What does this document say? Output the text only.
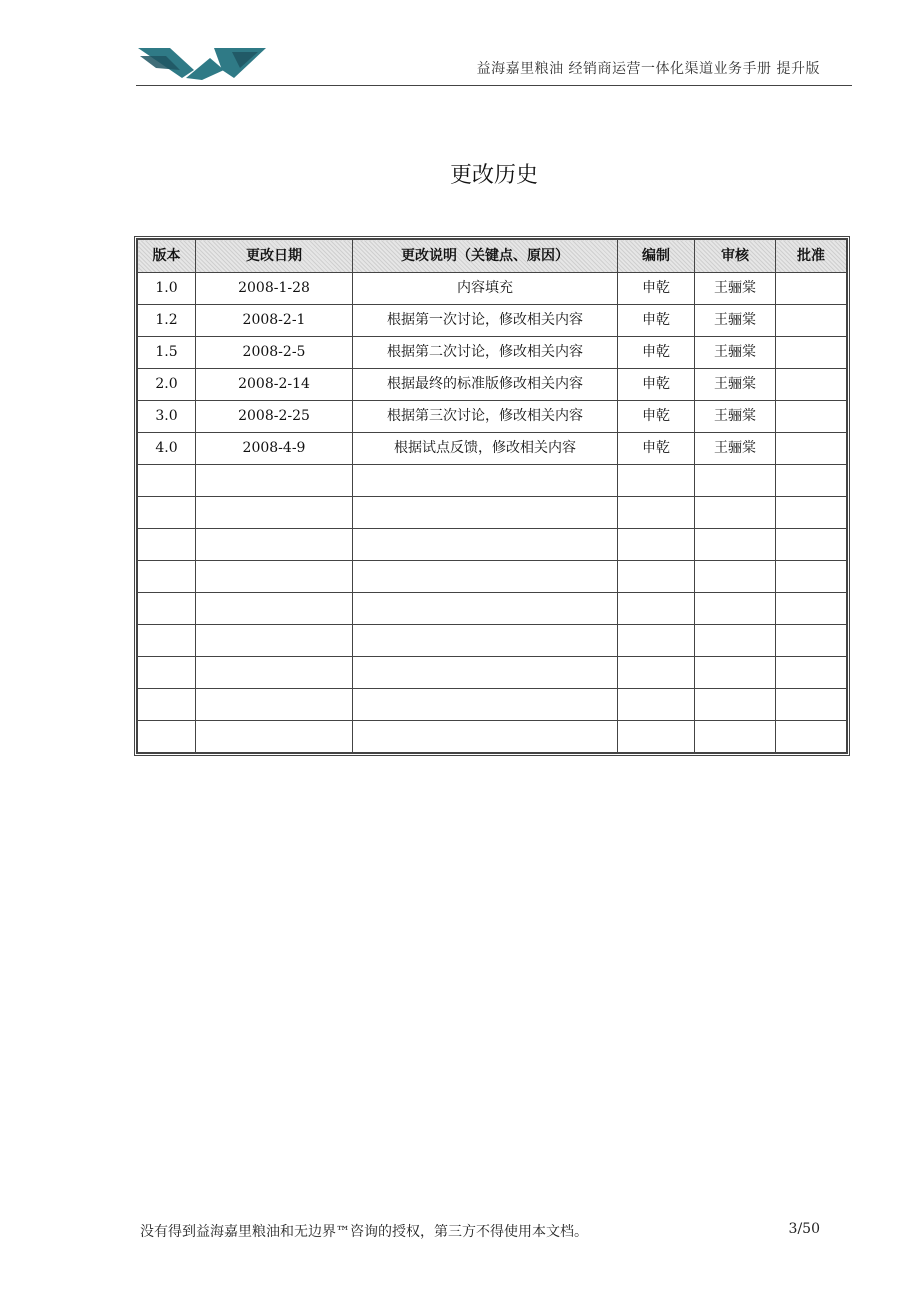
益海嘉里粮油 经销商运营一体化渠道业务手册 提升版
更改历史
版本	更改日期	更改说明（关键点、原因）	编制	审核	批准
1.0	2008-1-28	内容填充	申乾	王骊棠	
1.2	2008-2-1	根据第一次讨论，修改相关内容	申乾	王骊棠	
1.5	2008-2-5	根据第二次讨论，修改相关内容	申乾	王骊棠	
2.0	2008-2-14	根据最终的标准版修改相关内容	申乾	王骊棠	
3.0	2008-2-25	根据第三次讨论，修改相关内容	申乾	王骊棠	
4.0	2008-4-9	根据试点反馈，修改相关内容	申乾	王骊棠	

没有得到益海嘉里粮油和无边界™咨询的授权，第三方不得使用本文档。	3/50
